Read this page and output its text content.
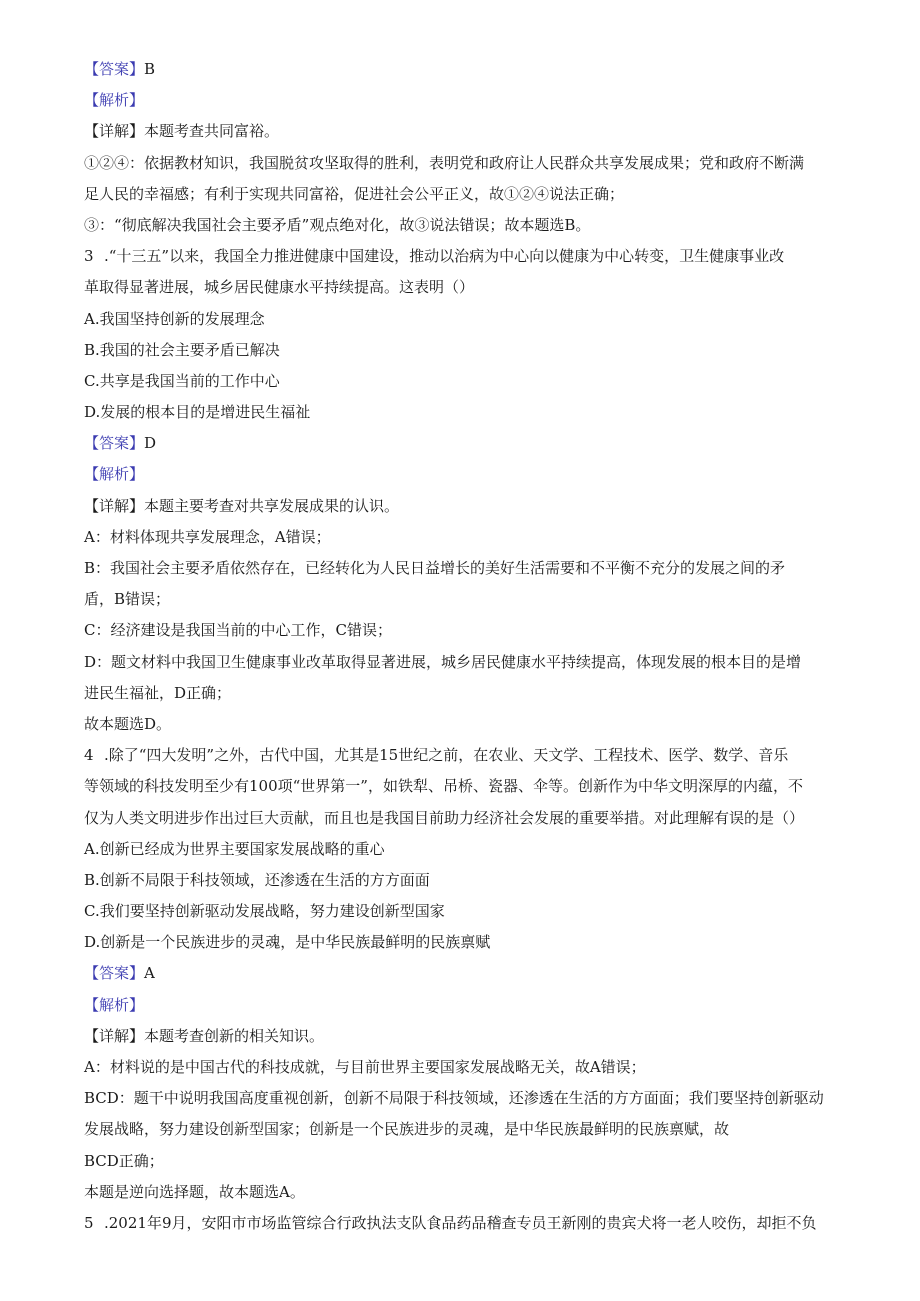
【答案】B
【解析】
【详解】本题考查共同富裕。
①②④：依据教材知识，我国脱贫攻坚取得的胜利，表明党和政府让人民群众共享发展成果；党和政府不断满
足人民的幸福感；有利于实现共同富裕，促进社会公平正义，故①②④说法正确；
③：“彻底解决我国社会主要矛盾”观点绝对化，故③说法错误；故本题选B。
3 .“十三五”以来，我国全力推进健康中国建设，推动以治病为中心向以健康为中心转变，卫生健康事业改
革取得显著进展，城乡居民健康水平持续提高。这表明（）
A.我国坚持创新的发展理念
B.我国的社会主要矛盾已解决
C.共享是我国当前的工作中心
D.发展的根本目的是增进民生福祉
【答案】D
【解析】
【详解】本题主要考查对共享发展成果的认识。
A：材料体现共享发展理念，A错误；
B：我国社会主要矛盾依然存在，已经转化为人民日益增长的美好生活需要和不平衡不充分的发展之间的矛
盾，B错误；
C：经济建设是我国当前的中心工作，C错误；
D：题文材料中我国卫生健康事业改革取得显著进展，城乡居民健康水平持续提高，体现发展的根本目的是增
进民生福祉，D正确；
故本题选D。
4 .除了“四大发明”之外，古代中国，尤其是15世纪之前，在农业、天文学、工程技术、医学、数学、音乐
等领域的科技发明至少有100项“世界第一”，如铁犁、吊桥、瓷器、伞等。创新作为中华文明深厚的内蕴，不
仅为人类文明进步作出过巨大贡献，而且也是我国目前助力经济社会发展的重要举措。对此理解有误的是（）
A.创新已经成为世界主要国家发展战略的重心
B.创新不局限于科技领域，还渗透在生活的方方面面
C.我们要坚持创新驱动发展战略，努力建设创新型国家
D.创新是一个民族进步的灵魂，是中华民族最鲜明的民族禀赋
【答案】A
【解析】
【详解】本题考查创新的相关知识。
A：材料说的是中国古代的科技成就，与目前世界主要国家发展战略无关，故A错误；
BCD：题干中说明我国高度重视创新，创新不局限于科技领域，还渗透在生活的方方面面；我们要坚持创新驱动
发展战略，努力建设创新型国家；创新是一个民族进步的灵魂，是中华民族最鲜明的民族禀赋，故
BCD正确；
本题是逆向选择题，故本题选A。
5 .2021年9月，安阳市市场监管综合行政执法支队食品药品稽查专员王新刚的贵宾犬将一老人咬伤，却拒不负
